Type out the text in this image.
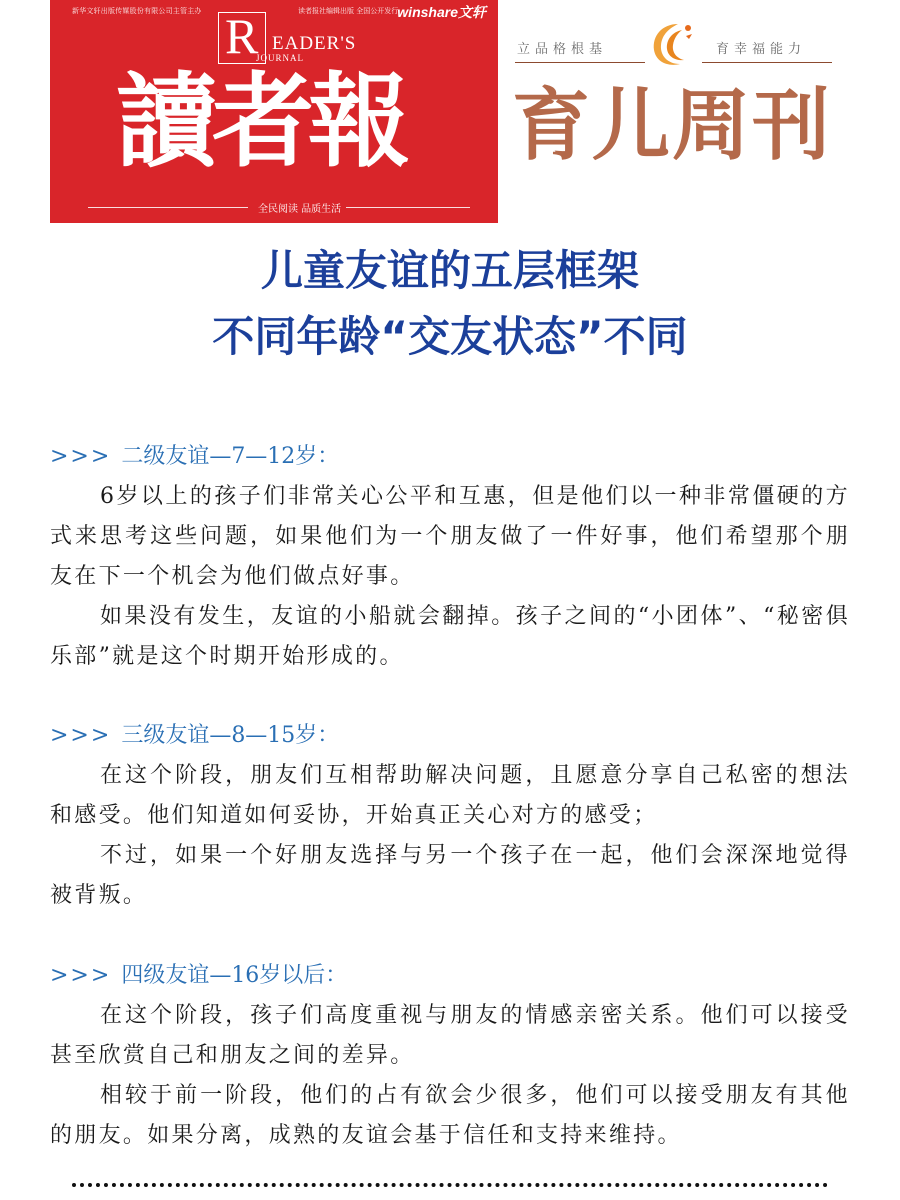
新华文轩出版传媒股份有限公司主管主办	读者报社编辑出版 全国公开发行 winshare文轩
R EADER'S
JOURNAL
讀者報
全民阅读 品质生活
立品格根基	育幸福能力
育儿周刊
儿童友谊的五层框架
不同年龄“交友状态”不同
>>> 二级友谊—7—12岁：

6岁以上的孩子们非常关心公平和互惠，但是他们以一种非常僵硬的方式来思考这些问题，如果他们为一个朋友做了一件好事，他们希望那个朋友在下一个机会为他们做点好事。

如果没有发生，友谊的小船就会翻掉。孩子之间的“小团体”、“秘密俱乐部”就是这个时期开始形成的。

>>> 三级友谊—8—15岁：

在这个阶段，朋友们互相帮助解决问题，且愿意分享自己私密的想法和感受。他们知道如何妥协，开始真正关心对方的感受；

不过，如果一个好朋友选择与另一个孩子在一起，他们会深深地觉得被背叛。

>>> 四级友谊—16岁以后：

在这个阶段，孩子们高度重视与朋友的情感亲密关系。他们可以接受甚至欣赏自己和朋友之间的差异。

相较于前一阶段，他们的占有欲会少很多，他们可以接受朋友有其他的朋友。如果分离，成熟的友谊会基于信任和支持来维持。
